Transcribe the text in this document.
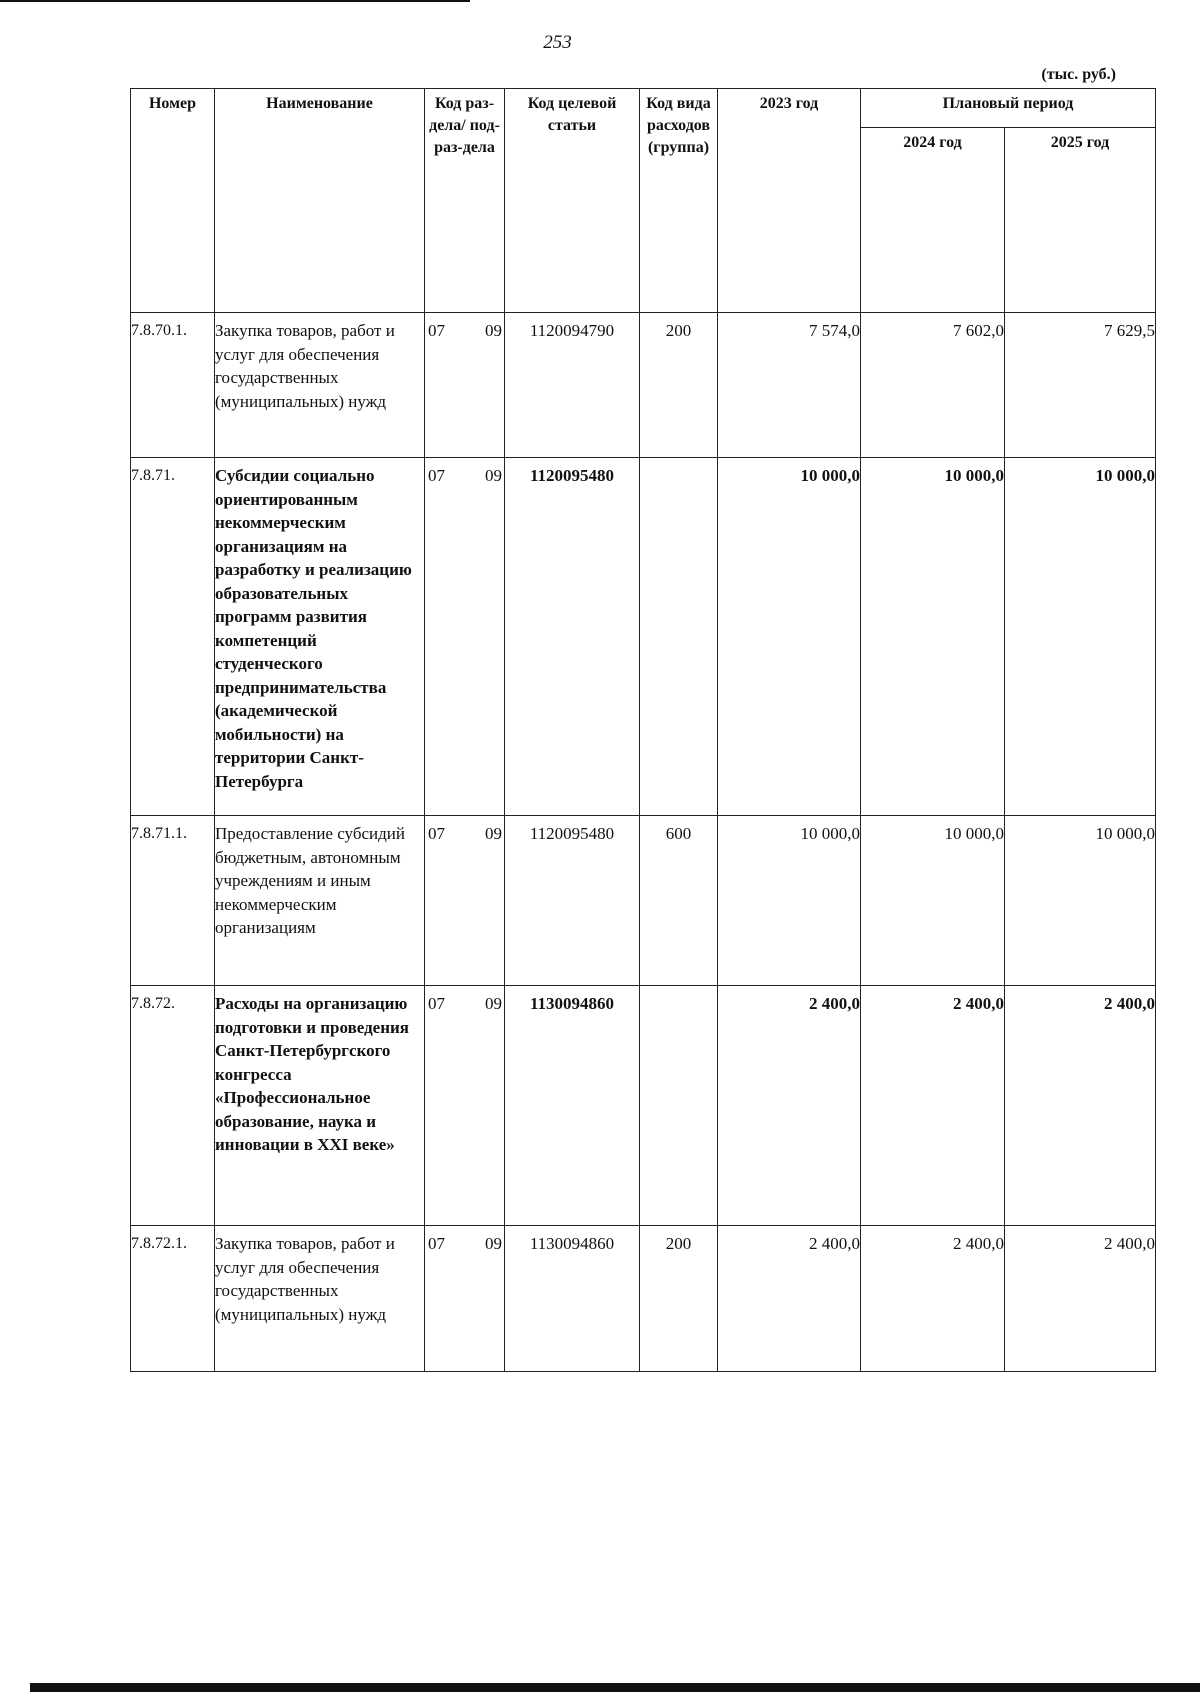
253
(тыс. руб.)
Номер	Наименование	Код раз-дела/ под-раз-дела	Код целевой статьи	Код вида расходов (группа)	2023 год	Плановый период	
						2024 год	2025 год
7.8.70.1.	Закупка товаров, работ и услуг для обеспечения государственных (муниципальных) нужд	07 09	1120094790	200	7 574,0	7 602,0	7 629,5
7.8.71.	Субсидии социально ориентированным некоммерческим организациям на разработку и реализацию образовательных программ развития компетенций студенческого предпринимательства (академической мобильности) на территории Санкт-Петербурга	07 09	1120095480		10 000,0	10 000,0	10 000,0
7.8.71.1.	Предоставление субсидий бюджетным, автономным учреждениям и иным некоммерческим организациям	07 09	1120095480	600	10 000,0	10 000,0	10 000,0
7.8.72.	Расходы на организацию подготовки и проведения Санкт-Петербургского конгресса «Профессиональное образование, наука и инновации в XXI веке»	07 09	1130094860		2 400,0	2 400,0	2 400,0
7.8.72.1.	Закупка товаров, работ и услуг для обеспечения государственных (муниципальных) нужд	07 09	1130094860	200	2 400,0	2 400,0	2 400,0
